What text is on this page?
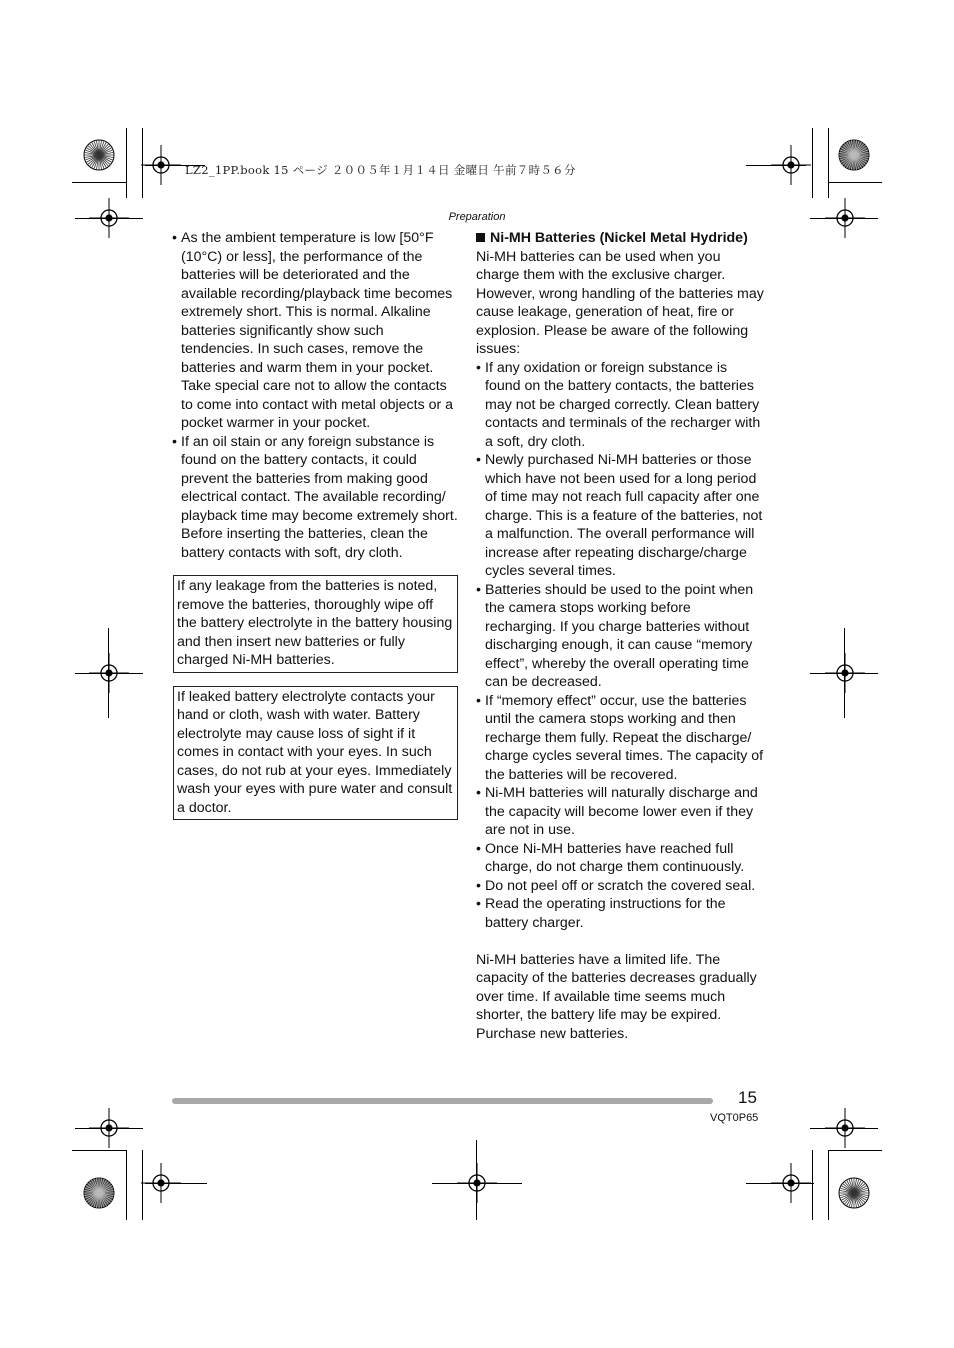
LZ2_1PP.book 15 ページ ２００５年１月１４日 金曜日 午前７時５６分
Preparation
• As the ambient temperature is low [50°F (10°C) or less], the performance of the batteries will be deteriorated and the available recording/playback time becomes extremely short. This is normal. Alkaline batteries significantly show such tendencies. In such cases, remove the batteries and warm them in your pocket. Take special care not to allow the contacts to come into contact with metal objects or a pocket warmer in your pocket.
• If an oil stain or any foreign substance is found on the battery contacts, it could prevent the batteries from making good electrical contact. The available recording/ playback time may become extremely short. Before inserting the batteries, clean the battery contacts with soft, dry cloth.
If any leakage from the batteries is noted, remove the batteries, thoroughly wipe off the battery electrolyte in the battery housing and then insert new batteries or fully charged Ni-MH batteries.
If leaked battery electrolyte contacts your hand or cloth, wash with water. Battery electrolyte may cause loss of sight if it comes in contact with your eyes. In such cases, do not rub at your eyes. Immediately wash your eyes with pure water and consult a doctor.

Ni-MH Batteries (Nickel Metal Hydride)

Ni-MH batteries can be used when you charge them with the exclusive charger. However, wrong handling of the batteries may cause leakage, generation of heat, fire or explosion. Please be aware of the following issues:

• If any oxidation or foreign substance is found on the battery contacts, the batteries may not be charged correctly. Clean battery contacts and terminals of the recharger with a soft, dry cloth.
• Newly purchased Ni-MH batteries or those which have not been used for a long period of time may not reach full capacity after one charge. This is a feature of the batteries, not a malfunction. The overall performance will increase after repeating discharge/charge cycles several times.
• Batteries should be used to the point when the camera stops working before recharging. If you charge batteries without discharging enough, it can cause “memory effect”, whereby the overall operating time can be decreased.
• If “memory effect” occur, use the batteries until the camera stops working and then recharge them fully. Repeat the discharge/ charge cycles several times. The capacity of the batteries will be recovered.
• Ni-MH batteries will naturally discharge and the capacity will become lower even if they are not in use.
• Once Ni-MH batteries have reached full charge, do not charge them continuously.
• Do not peel off or scratch the covered seal.
• Read the operating instructions for the battery charger.

Ni-MH batteries have a limited life. The capacity of the batteries decreases gradually over time. If available time seems much shorter, the battery life may be expired. Purchase new batteries.

15
VQT0P65
